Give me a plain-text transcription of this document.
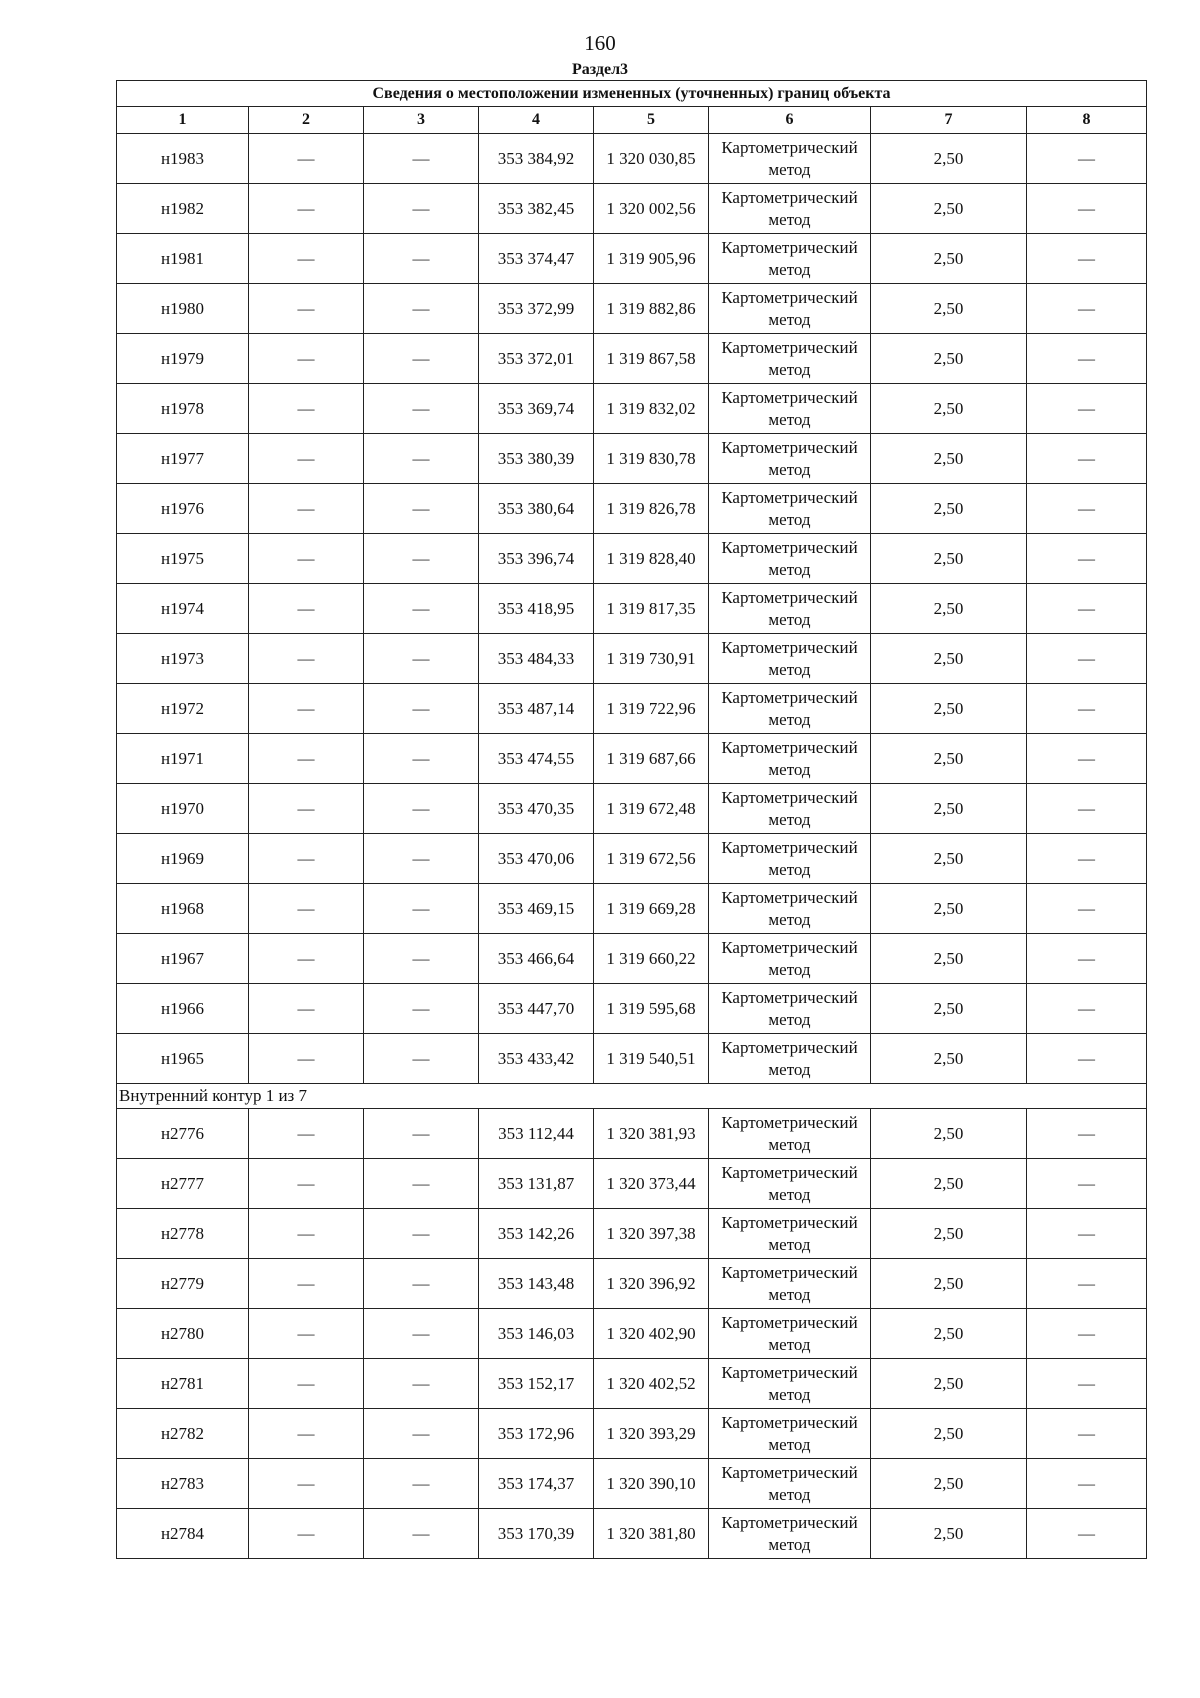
160
Раздел3
Сведения о местоположении измененных (уточненных) границ объекта							
1	2	3	4	5	6	7	8
н1983	—	—	353 384,92	1 320 030,85	Картометрический метод	2,50	—
н1982	—	—	353 382,45	1 320 002,56	Картометрический метод	2,50	—
н1981	—	—	353 374,47	1 319 905,96	Картометрический метод	2,50	—
н1980	—	—	353 372,99	1 319 882,86	Картометрический метод	2,50	—
н1979	—	—	353 372,01	1 319 867,58	Картометрический метод	2,50	—
н1978	—	—	353 369,74	1 319 832,02	Картометрический метод	2,50	—
н1977	—	—	353 380,39	1 319 830,78	Картометрический метод	2,50	—
н1976	—	—	353 380,64	1 319 826,78	Картометрический метод	2,50	—
н1975	—	—	353 396,74	1 319 828,40	Картометрический метод	2,50	—
н1974	—	—	353 418,95	1 319 817,35	Картометрический метод	2,50	—
н1973	—	—	353 484,33	1 319 730,91	Картометрический метод	2,50	—
н1972	—	—	353 487,14	1 319 722,96	Картометрический метод	2,50	—
н1971	—	—	353 474,55	1 319 687,66	Картометрический метод	2,50	—
н1970	—	—	353 470,35	1 319 672,48	Картометрический метод	2,50	—
н1969	—	—	353 470,06	1 319 672,56	Картометрический метод	2,50	—
н1968	—	—	353 469,15	1 319 669,28	Картометрический метод	2,50	—
н1967	—	—	353 466,64	1 319 660,22	Картометрический метод	2,50	—
н1966	—	—	353 447,70	1 319 595,68	Картометрический метод	2,50	—
н1965	—	—	353 433,42	1 319 540,51	Картометрический метод	2,50	—
Внутренний контур 1 из 7							
н2776	—	—	353 112,44	1 320 381,93	Картометрический метод	2,50	—
н2777	—	—	353 131,87	1 320 373,44	Картометрический метод	2,50	—
н2778	—	—	353 142,26	1 320 397,38	Картометрический метод	2,50	—
н2779	—	—	353 143,48	1 320 396,92	Картометрический метод	2,50	—
н2780	—	—	353 146,03	1 320 402,90	Картометрический метод	2,50	—
н2781	—	—	353 152,17	1 320 402,52	Картометрический метод	2,50	—
н2782	—	—	353 172,96	1 320 393,29	Картометрический метод	2,50	—
н2783	—	—	353 174,37	1 320 390,10	Картометрический метод	2,50	—
н2784	—	—	353 170,39	1 320 381,80	Картометрический метод	2,50	—
